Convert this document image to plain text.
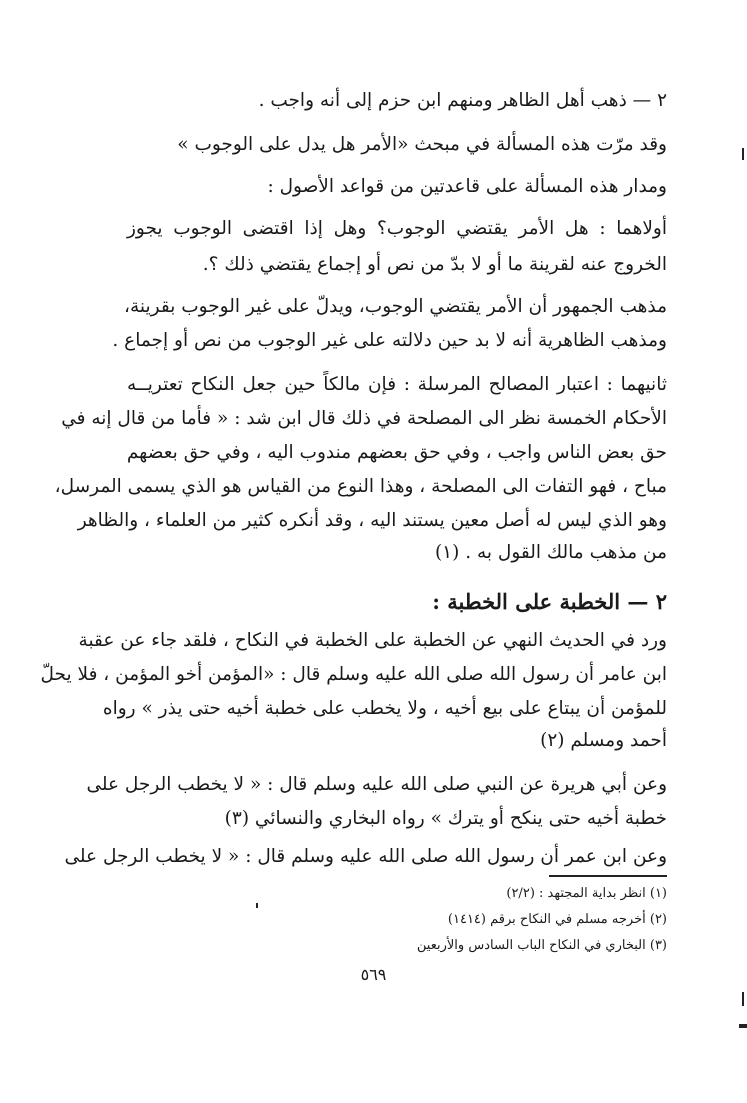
٢ — ذهب أهل الظاهر ومنهم ابن حزم إلى أنه واجب .
وقد مرّت هذه المسألة في مبحث «الأمر هل يدل على الوجوب »
ومدار هذه المسألة على قاعدتين من قواعد الأصول :
أولاهما : هل الأمر يقتضي الوجوب؟ وهل إذا اقتضى الوجوب يجوز
الخروج عنه لقرينة ما أو لا بدّ من نص أو إجماع يقتضي ذلك ؟.
مذهب الجمهور أن الأمر يقتضي الوجوب، ويدلّ على غير الوجوب بقرينة،
ومذهب الظاهرية أنه لا بد حين دلالته على غير الوجوب من نص أو إجماع .
ثانيهما : اعتبار المصالح المرسلة : فإن مالكاً حين جعل النكاح تعتريــه
الأحكام الخمسة نظر الى المصلحة في ذلك قال ابن شد : « فأما من قال إنه في
حق بعض الناس واجب ، وفي حق بعضهم مندوب اليه ، وفي حق بعضهم
مباح ، فهو التفات الى المصلحة ، وهذا النوع من القياس هو الذي يسمى المرسل،
وهو الذي ليس له أصل معين يستند اليه ، وقد أنكره كثير من العلماء ، والظاهر
من مذهب مالك القول به . (١)
٢ — الخطبة على الخطبة :
ورد في الحديث النهي عن الخطبة على الخطبة في النكاح ، فلقد جاء عن عقبة
ابن عامر أن رسول الله صلى الله عليه وسلم قال : «المؤمن أخو المؤمن ، فلا يحلّ
للمؤمن أن يبتاع على بيع أخيه ، ولا يخطب على خطبة أخيه حتى يذر » رواه
أحمد ومسلم (٢)
وعن أبي هريرة عن النبي صلى الله عليه وسلم قال : « لا يخطب الرجل على
خطبة أخيه حتى ينكح أو يترك » رواه البخاري والنسائي (٣)
وعن ابن عمر أن رسول الله صلى الله عليه وسلم قال : « لا يخطب الرجل على
(١) انظر بداية المجتهد : (٢/٢)
(٢) أخرجه مسلم في النكاح برقم (١٤١٤)
(٣) البخاري في النكاح الباب السادس والأربعين
٥٦٩
